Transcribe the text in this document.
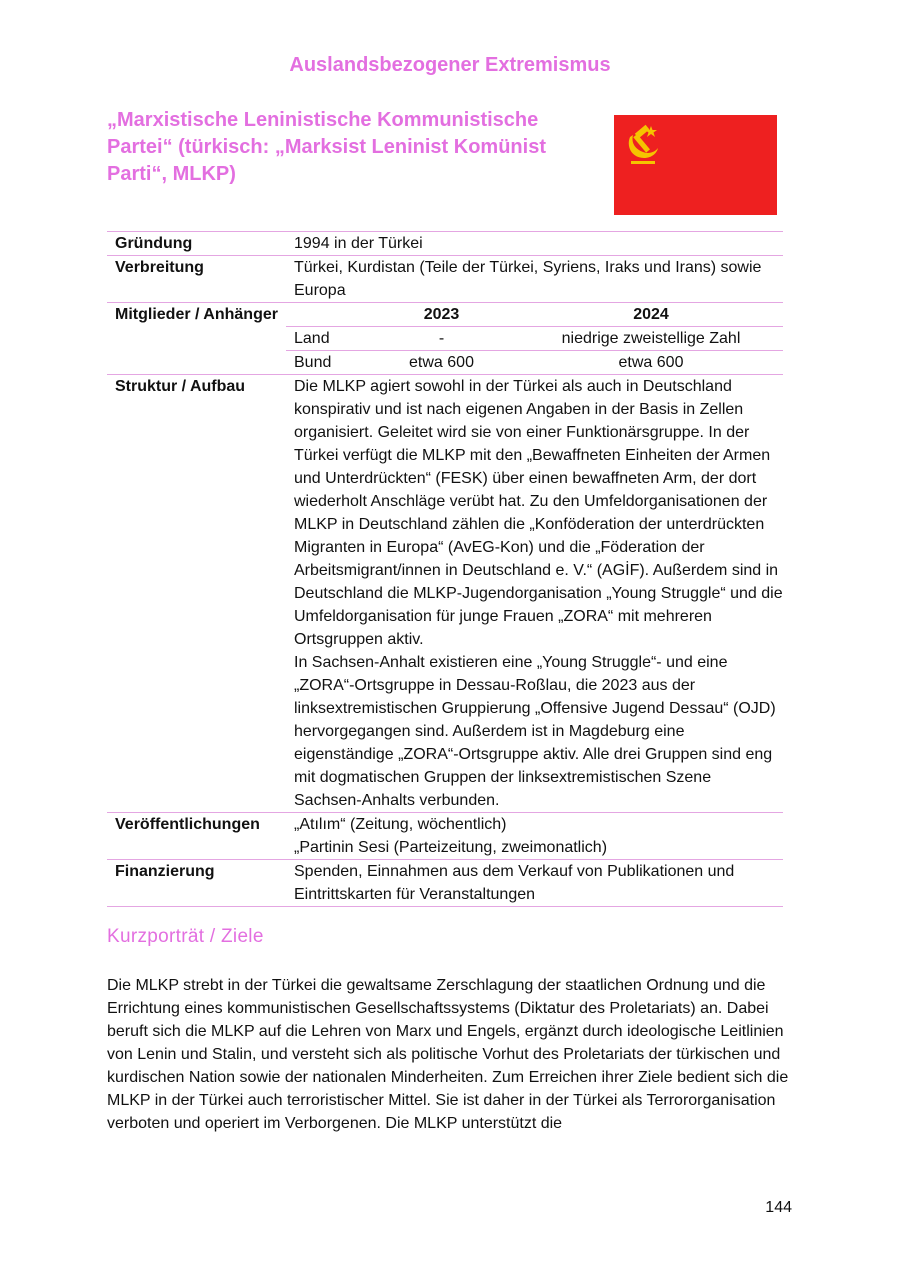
Auslandsbezogener Extremismus
„Marxistische Leninistische Kommunistische Partei“ (türkisch: „Marksist Leninist Komünist Parti“, MLKP)
Gründung	1994 in der Türkei
Verbreitung	Türkei, Kurdistan (Teile der Türkei, Syriens, Iraks und Irans) sowie Europa
Mitglieder / Anhänger	
		2023	2024
Land	-	niedrige zweistellige Zahl
Bund	etwa 600	etwa 600

Struktur / Aufbau	Die MLKP agiert sowohl in der Türkei als auch in Deutschland konspirativ und ist nach eigenen Angaben in der Basis in Zellen organisiert. Geleitet wird sie von einer Funktionärsgruppe. In der Türkei verfügt die MLKP mit den „Bewaffneten Einheiten der Armen und Unterdrückten“ (FESK) über einen bewaffneten Arm, der dort wiederholt Anschläge verübt hat. Zu den Umfeldorganisationen der MLKP in Deutschland zählen die „Konföderation der unterdrückten Migranten in Europa“ (AvEG-Kon) und die „Föderation der Arbeitsmigrant/innen in Deutschland e. V.“ (AGİF). Außerdem sind in Deutschland die MLKP-Jugendorganisation „Young Struggle“ und die Umfeldorganisation für junge Frauen „ZORA“ mit mehreren Ortsgruppen aktiv.
In Sachsen-Anhalt existieren eine „Young Struggle“- und eine „ZORA“-Ortsgruppe in Dessau-Roßlau, die 2023 aus der linksextremistischen Gruppierung „Offensive Jugend Dessau“ (OJD) hervorgegangen sind. Außerdem ist in Magdeburg eine eigenständige „ZORA“-Ortsgruppe aktiv. Alle drei Gruppen sind eng mit dogmatischen Gruppen der linksextremistischen Szene Sachsen-Anhalts verbunden.

Veröffentlichungen	„Atılım“ (Zeitung, wöchentlich)
„Partinin Sesi (Parteizeitung, zweimonatlich)

Finanzierung	Spenden, Einnahmen aus dem Verkauf von Publikationen und Eintrittskarten für Veranstaltungen
Kurzporträt / Ziele
Die MLKP strebt in der Türkei die gewaltsame Zerschlagung der staatlichen Ordnung und die Errichtung eines kommunistischen Gesellschaftssystems (Diktatur des Proletariats) an. Dabei beruft sich die MLKP auf die Lehren von Marx und Engels, ergänzt durch ideologische Leitlinien von Lenin und Stalin, und versteht sich als politische Vorhut des Proletariats der türkischen und kurdischen Nation sowie der nationalen Minderheiten. Zum Erreichen ihrer Ziele bedient sich die MLKP in der Türkei auch terroristischer Mittel. Sie ist daher in der Türkei als Terrororganisation verboten und operiert im Verborgenen. Die MLKP unterstützt die
144
